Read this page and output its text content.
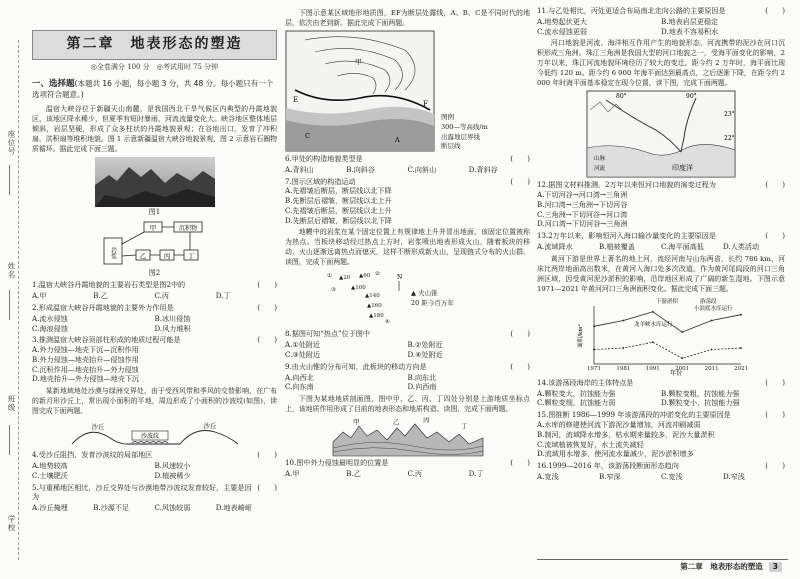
座位号
姓名
班级
学校
第二章　地表形态的塑造
◎全卷满分 100 分　◎考试用时 75 分钟
一、选择题(本题共 16 小题，每小题 3 分，共 48 分。每小题只有一个选项符合题意。)
温宿大峡谷位于新疆天山南麓，是我国西北干旱气候区内典型的丹霞地貌区，该地区降水稀少，但夏季有短时暴雨，河流流量变化大。峡谷地区整体地层倾斜，岩层坚硬，形成了众多柱状的丹霞地貌景观；在谷地出口，发育了冲积扇、洪积扇等堆积地貌。图 1 示意新疆温宿大峡谷地貌景观，图 2 示意岩石圈物质循环。据此完成下面三题。
图1
甲
岩浆
沉积物
乙	丙	丁
图2
1.温宿大峡谷丹霞地貌的主要岩石类型是图2中的	(　　)
A.甲	B.乙	C.丙	D.丁
2.形成温宿大峡谷丹霞地貌的主要外力作用是	(　　)
A.流水侵蚀	B.冰川侵蚀
C.海浪侵蚀	D.风力堆积
3.推测温宿大峡谷顶部柱形成的地质过程可能是	(　　)
A.外力侵蚀—地壳下沉—沉积作用
B.外力侵蚀—地壳抬升—侵蚀作用
C.沉积作用—地壳抬升—外力侵蚀
D.地壳抬升—外力侵蚀—地壳下沉
某新地域地处沙漠与绿洲交界处，由于受西风带和季风的交替影响，在广布的新月形沙丘上，常出现小面积的平地，周边形成了小面积的沙波纹(如图)，读图完成下面两题。
沙丘
沙波纹
沙丘
4.受沙丘阻挡，发育沙波纹的局部地区	(　　)
A.地势较高	B.风速较小
C.土壤肥沃	D.植被稀少
5.与重稀地区相比，沙丘交界处与沙漠地带沙波纹发育较好，主要是因为
(　　)
A.沙丘掩埋	B.沙源不足	C.风蚀较弱	D.地表崎岖
下图示意某区域地形地质图，EF为断层处露线，A、B、C是不同时代的地层，依次由老到新。据此完成下面两题。
E	F
甲
C	A
图例
300—等高线/m
出露地层界线
断层线
6.甲处的构造地貌类型是	(　　)
A.背斜山	B.向斜谷	C.向斜山	D.背斜谷
7.图示区域的构造运动	(　　)
A.先褶皱后断层，断层线以北下降
B.先断层后褶皱，断层线以北上升
C.先褶皱后断层，断层线以北上升
D.先断层后褶皱，断层线以北下降
地幔中的岩浆在某个固定位置上有规律地上升并冒出地面，该固定位置被称为热点。当板块移动经过热点上方时，岩浆喷出地表形成火山，随着板块的移动，火山逐渐远离热点而熄灭，这样不断形成新火山，呈现链式分布的火山群。读图，完成下面两题。
① ▲20 ▲60 ②
③	▲100
▲140
▲160
▲180
④
N
▲ 火山锥
20 距今百万年
8.据图可知“热点”位于图中	(　　)
A.①处附近	B.②处附近
C.③处附近	D.④处附近
9.由火山锥的分布可知，此板块的移动方向是	(　　)
A.向西北	B.向东北
C.向东南	D.向西南
下图为某地地质剖面图，图中甲、乙、丙、丁四处分别是上游地质坐标点上，该地质作用形成了目前的地表形态和地质构造。读图，完成下面两题。
甲	乙	丙
丁
10.图中外力侵蚀最明显的位置是	(　　)
A.甲	B.乙	C.丙	D.丁
11.与乙处相比，丙处更适合布局南北走向公路的主要原因是	(　　)
A.地势起伏更大	B.地表岩层更稳定
C.流水侵蚀更弱	D.地表不容易积水
河口地貌是河流、海洋相互作用产生的地貌形态，河流携带的泥沙在河口沉积形成三角洲。珠江三角洲是我国大型的河口地貌之一，受海平面变化的影响，2 万年以来，珠江河流地貌环境经历了较大的变迁。距今约 2 万年时，海平面比现今低约 120 m。距今约 6 000 年海平面达到最高点，之后逐渐下降，在距今约 2 000 年时海平面基本稳定在现今位置，读下图，完成下面两题。
80°	90°
23°
22°
印度洋
山脉
河流
12.据图文材料推测，2万年以来恒河口地貌的演变过程为	(　　)
A.下切河谷→河口湾→三角洲
B.河口湾→三角洲→下切河谷
C.三角洲→下切河谷→河口湾
D.河口湾→下切河谷→三角洲
13.2万年以来，影响恒河入海口输沙量变化的主要原因是	(　　)
A.流域降水	B.植被覆盖	C.海平面高低	D.人类活动
黄河下游是世界上著名的地上河，流经河南与山东两省，长约 786 km，河床比两岸地面高出数米，在黄河入海口处多次改道。作为黄河尾闾段的河口三角洲区域，因受黄河泥沙淤积的影响，沿岸地区形成了广阔的新生湿地。下图示意 1971—2021 年黄河河口三角洲面积变化。据此完成下面三题。
1971	1981	1991	2001	2011	2021
年份
面积/km²
小浪底水库运行
龙羊峡水库运行
下游淤积	游荡段
14.该游荡段海岸的主体特点是	(　　)
A.颗粒变大，抗蚀能力强	B.颗粒变粗，抗蚀能力强
C.颗粒变细，抗蚀能力弱	D.颗粒变小，抗蚀能力强
15.图推断 1986—1999 年该游荡段的冲淤变化的主要原因是	(　　)
A.水库的修建使河流下游泥沙量增加，河流冲刷减弱
B.制河，流域降水增多，枯水期来量较多，泥沙大量淤积
C.流域植被恢复好，水土流失减轻
D.流域用水增多，使河流水量减少，泥沙淤积增多
16.1999—2016 年，该游荡段断面形态趋向	(　　)
A.宽浅	B.窄深	C.宽浅	D.窄浅
第二章　地表形态的塑造	3
